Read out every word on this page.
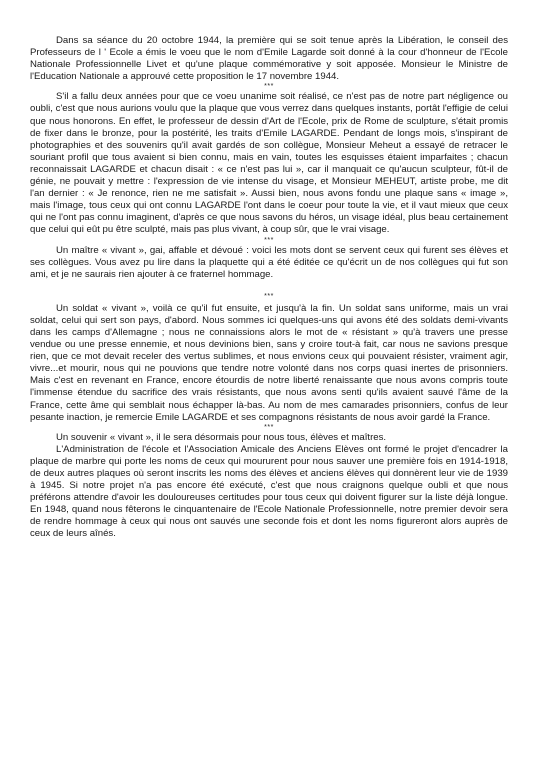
Dans sa séance du 20 octobre 1944, la première qui se soit tenue après la Libération, le conseil des Professeurs de l ' Ecole a émis le voeu que le nom d'Emile Lagarde soit donné à la cour d'honneur de l'Ecole Nationale Professionnelle Livet et qu'une plaque commémorative y soit apposée. Monsieur le Ministre de l'Education Nationale a approuvé cette proposition le 17 novembre 1944.

***

S'il a fallu deux années pour que ce voeu unanime soit réalisé, ce n'est pas de notre part négligence ou oubli, c'est que nous aurions voulu que la plaque que vous verrez dans quelques instants, portât l'effigie de celui que nous honorons. En effet, le professeur de dessin d'Art de l'Ecole, prix de Rome de sculpture, s'était promis de fixer dans le bronze, pour la postérité, les traits d'Emile LAGARDE. Pendant de longs mois, s'inspirant de photographies et des souvenirs qu'il avait gardés de son collègue, Monsieur Meheut a essayé de retracer le souriant profil que tous avaient si bien connu, mais en vain, toutes les esquisses étaient imparfaites ; chacun reconnaissait LAGARDE et chacun disait : « ce n'est pas lui », car il manquait ce qu'aucun sculpteur, fût-il de génie, ne pouvait y mettre : l'expression de vie intense du visage, et Monsieur MEHEUT, artiste probe, me dit l'an dernier : « Je renonce, rien ne me satisfait ». Aussi bien, nous avons fondu une plaque sans « image », mais l'image, tous ceux qui ont connu LAGARDE l'ont dans le coeur pour toute la vie, et il vaut mieux que ceux qui ne l'ont pas connu imaginent, d'après ce que nous savons du héros, un visage idéal, plus beau certainement que celui qui eût pu être sculpté, mais pas plus vivant, à coup sûr, que le vrai visage.

***

Un maître « vivant », gai, affable et dévoué : voici les mots dont se servent ceux qui furent ses élèves et ses collègues. Vous avez pu lire dans la plaquette qui a été éditée ce qu'écrit un de nos collègues qui fut son ami, et je ne saurais rien ajouter à ce fraternel hommage.

***

Un soldat « vivant », voilà ce qu'il fut ensuite, et jusqu'à la fin. Un soldat sans uniforme, mais un vrai soldat, celui qui sert son pays, d'abord. Nous sommes ici quelques-uns qui avons été des soldats demi-vivants dans les camps d'Allemagne ; nous ne connaissions alors le mot de « résistant » qu'à travers une presse vendue ou une presse ennemie, et nous devinions bien, sans y croire tout-à fait, car nous ne savions presque rien, que ce mot devait receler des vertus sublimes, et nous envions ceux qui pouvaient résister, vraiment agir, vivre...et mourir, nous qui ne pouvions que tendre notre volonté dans nos corps quasi inertes de prisonniers. Mais c'est en revenant en France, encore étourdis de notre liberté renaissante que nous avons compris toute l'immense étendue du sacrifice des vrais résistants, que nous avons senti qu'ils avaient sauvé l'âme de la France, cette âme qui semblait nous échapper là-bas. Au nom de mes camarades prisonniers, confus de leur pesante inaction, je remercie Emile LAGARDE et ses compagnons résistants de nous avoir gardé la France.

***

Un souvenir « vivant », il le sera désormais pour nous tous, élèves et maîtres.

L'Administration de l'école et l'Association Amicale des Anciens Elèves ont formé le projet d'encadrer la plaque de marbre qui porte les noms de ceux qui moururent pour nous sauver une première fois en 1914-1918, de deux autres plaques où seront inscrits les noms des élèves et anciens élèves qui donnèrent leur vie de 1939 à 1945. Si notre projet n'a pas encore été exécuté, c'est que nous craignons quelque oubli et que nous préférons attendre d'avoir les douloureuses certitudes pour tous ceux qui doivent figurer sur la liste déjà longue. En 1948, quand nous fêterons le cinquantenaire de l'Ecole Nationale Professionnelle, notre premier devoir sera de rendre hommage à ceux qui nous ont sauvés une seconde fois et dont les noms figureront alors auprès de ceux de leurs aînés.
